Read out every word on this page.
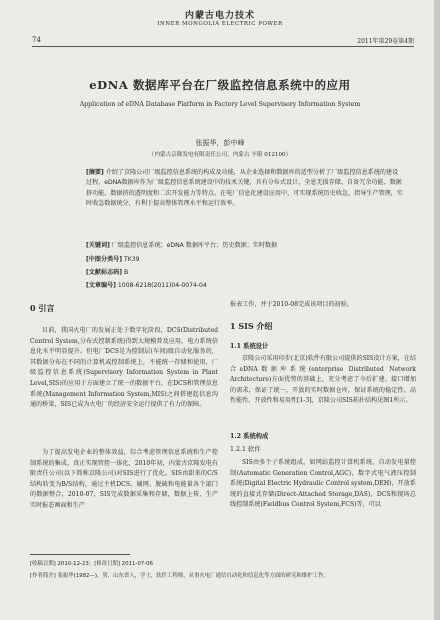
内蒙古电力技术
INNER MONGOLIA ELECTRIC POWER
74	2011年第29卷第4期
eDNA 数据库平台在厂级监控信息系统中的应用
Application of eDNA Database Platform in Factory Level Supervisory Information System
张振华，彭中峰
（内蒙古京隆发电有限责任公司，内蒙古 丰镇 012100）
[摘要] 介绍了京隆公司厂级监控信息系统的构成及功能，从企业选择和数据库的适型分析了厂级监控信息系统的建设过程，eDNA数据库作为厂级监控信息系统建设中的技术关键，具有分布式设计、全息无损存储、自备冗余功能、数据挤功能、数据挤的透明度和二次开发能力等特点。在电厂信息化建设应用中，可实现系统历史收急，指导生产管理，实时收急数据统分，有利于提高整体管理水平和运行效率。
[关键词] 厂级监控信息系统；eDNA 数据库平台；历史数据；实时数据
[中图分类号] TK39
[文献标志码] B
[文章编号] 1008-6218(2011)04-0074-04
0 引言
目前，我国火电厂的发展正处于数字化阶段，DCS(Distributed Control System,分布式控制系统)得到大规模普及应用，电力系统信息化水平明显提升。但电厂DCS是为控制层(车间)级自动化服务的，其数据分布在不同的计算机或控制系统上，不能统一存储和使用，厂级监控信息系统(Supervisory Information System in Plant Level,SIS)的应用于方面建立了统一的数据平台，在DCS和管理信息系统(Management Information System,MIS)之间搭建起信息沟通的桥梁，SIS已成为火电厂的经济安全运行提供了有力的保障。
为了提高发电企业的整体效益，综合考虑管理信息系统和生产控制系统的集成，真正实现管控一体化，2010年初，内蒙古京隆发电有限责任公司(以下简称京隆公司)对SIS进行了优化。SIS由甜来的C/S结构转变为B/S结构，通过主机DCS、辅网、脱硫和电能量各个部门的数据整合，2010-07，SIS完成数据采集和存储，数据上传，生产实时报态画面和生产
报表工作，并于2010-08完成该项目的初验。
1 SIS 介绍
1.1 系统设计
京隆公司采用印步(北京)软件有限公司提供的SIS设计方案，在结合eDNA数据库系统(enterprise Distributed Network Architecture)方面优势的基础上，充分考虑了今后扩建、接口增加的需求，保证了统一，开放的实时数据仓库，保证系统的稳定性、高性能性、开放性和易用性[1-3]，京隆公司SIS拓扑结构见图1所示。
1.2 系统构成
1.2.1 软件
SIS由多个子系统组成，如网站监控计算机系统、自动发电量控制(Automatic Generation Control,AGC)，数字式电气液压控制系统(Digital Electric Hydraulic Control system,DEH)，开放系统的直接式存储(Direct-Attached Storage,DAS)，DCS和现场总线控制系统(Fieldbus Control System,FCS)等，可以
[收稿日期] 2010-12-23；[修改日期] 2011-07-06
[作者简介] 张振华(1982—)，男，山东省人，学士，软件工程师，从事火电厂通信自动化和信息化等方面的研究和维护工作。
